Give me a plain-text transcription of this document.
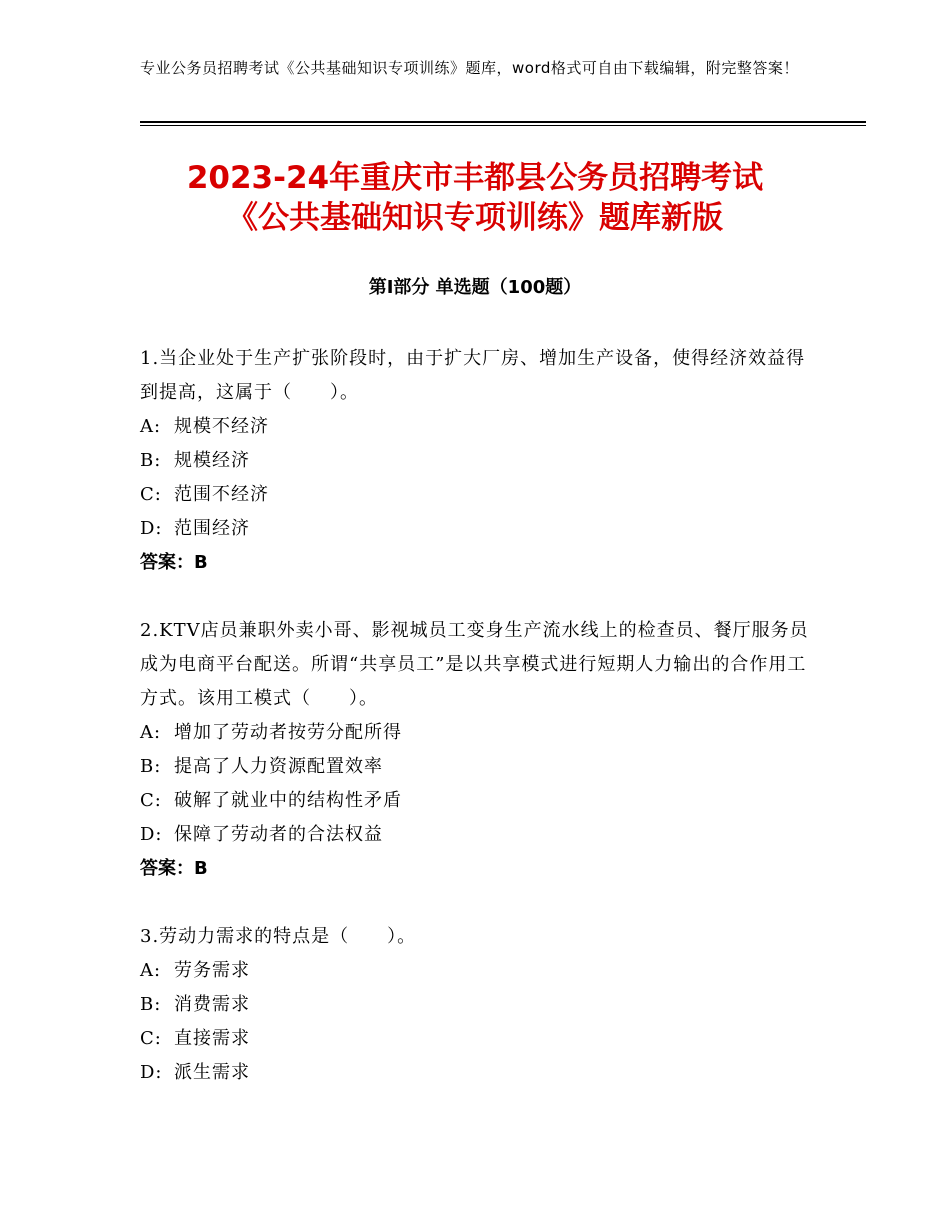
专业公务员招聘考试《公共基础知识专项训练》题库，word格式可自由下载编辑，附完整答案！
2023-24年重庆市丰都县公务员招聘考试
《公共基础知识专项训练》题库新版
第Ⅰ部分 单选题（100题）
1.当企业处于生产扩张阶段时，由于扩大厂房、增加生产设备，使得经济效益得到提高，这属于（　　）。
A: 规模不经济
B: 规模经济
C: 范围不经济
D: 范围经济
答案：B
2.KTV店员兼职外卖小哥、影视城员工变身生产流水线上的检查员、餐厅服务员成为电商平台配送。所谓“共享员工”是以共享模式进行短期人力输出的合作用工方式。该用工模式（　　）。
A: 增加了劳动者按劳分配所得
B: 提高了人力资源配置效率
C: 破解了就业中的结构性矛盾
D: 保障了劳动者的合法权益
答案：B
3.劳动力需求的特点是（　　）。
A: 劳务需求
B: 消费需求
C: 直接需求
D: 派生需求
